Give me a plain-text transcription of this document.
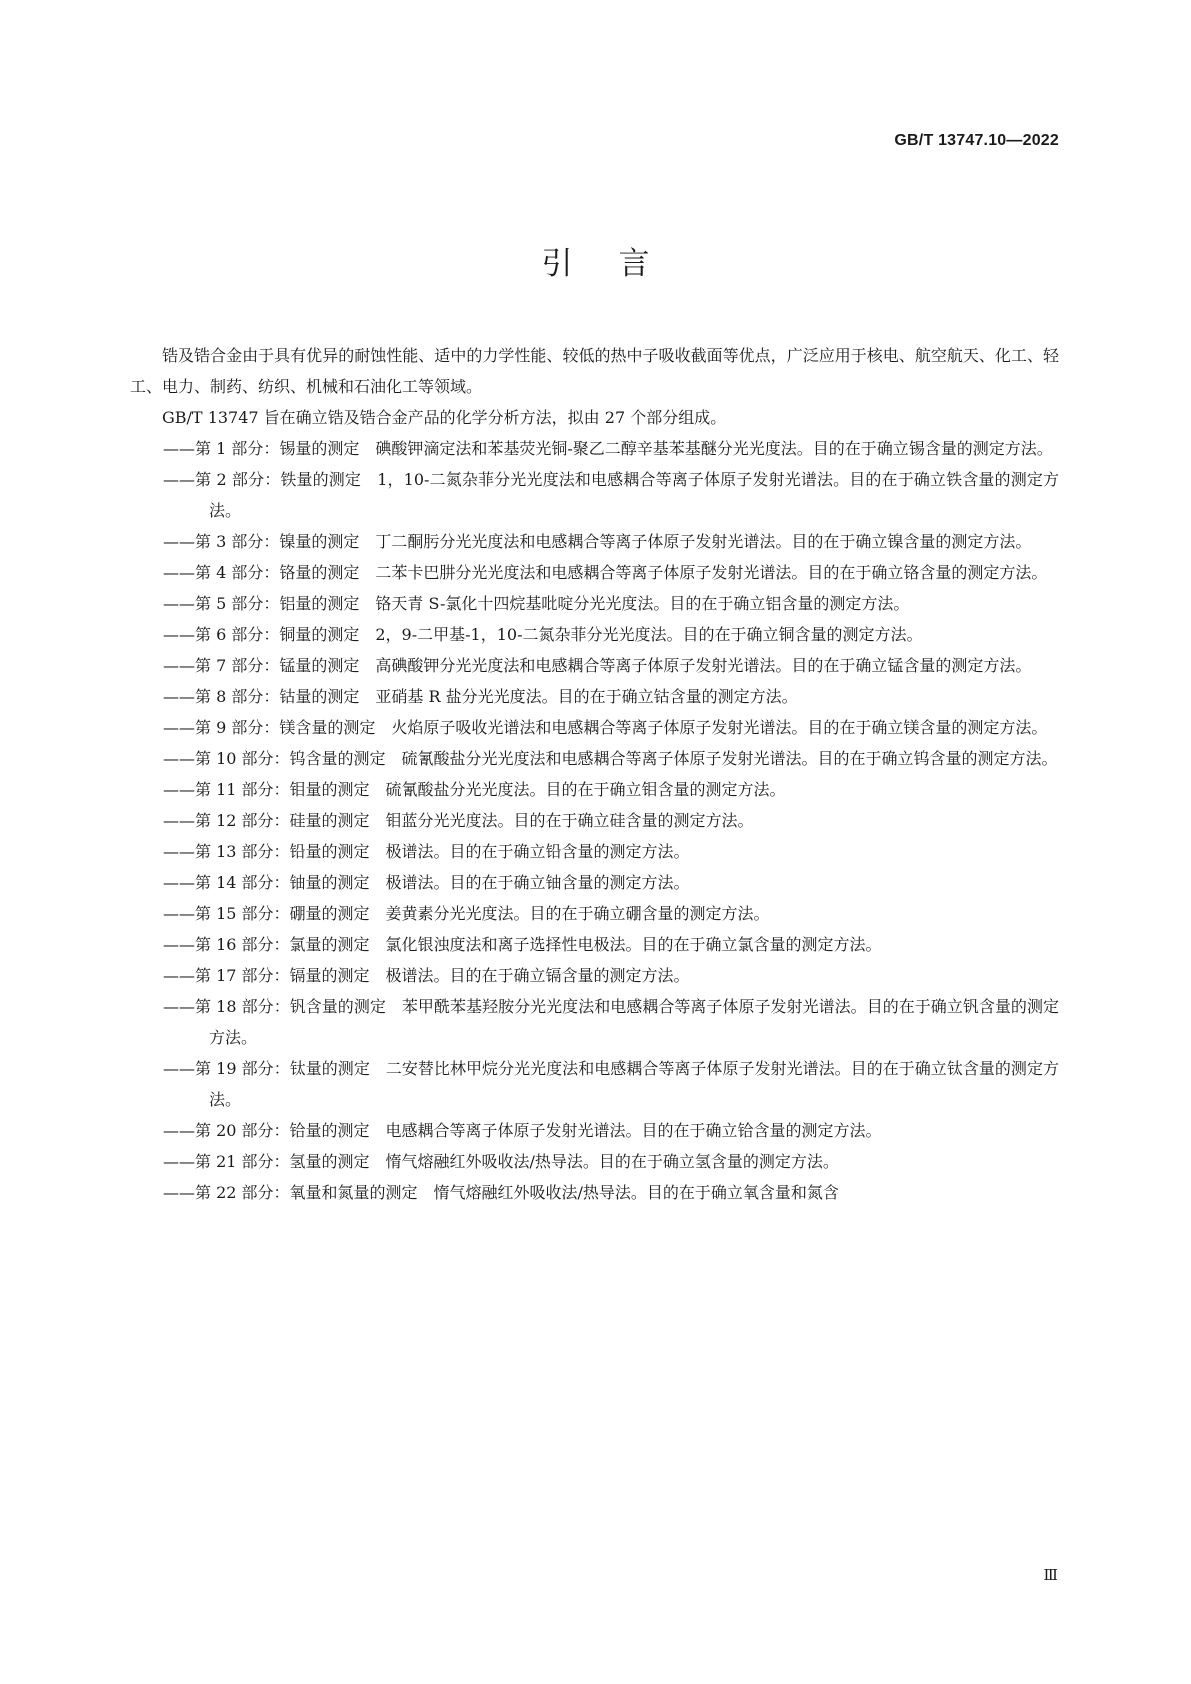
GB/T 13747.10—2022
引言

锆及锆合金由于具有优异的耐蚀性能、适中的力学性能、较低的热中子吸收截面等优点，广泛应用于核电、航空航天、化工、轻工、电力、制药、纺织、机械和石油化工等领域。

GB/T 13747 旨在确立锆及锆合金产品的化学分析方法，拟由 27 个部分组成。

——第 1 部分：锡量的测定　碘酸钾滴定法和苯基荧光铜-聚乙二醇辛基苯基醚分光光度法。目的在于确立锡含量的测定方法。

——第 2 部分：铁量的测定　1，10-二氮杂菲分光光度法和电感耦合等离子体原子发射光谱法。目的在于确立铁含量的测定方法。

——第 3 部分：镍量的测定　丁二酮肟分光光度法和电感耦合等离子体原子发射光谱法。目的在于确立镍含量的测定方法。

——第 4 部分：铬量的测定　二苯卡巴肼分光光度法和电感耦合等离子体原子发射光谱法。目的在于确立铬含量的测定方法。

——第 5 部分：铝量的测定　铬天青 S-氯化十四烷基吡啶分光光度法。目的在于确立铝含量的测定方法。

——第 6 部分：铜量的测定　2，9-二甲基-1，10-二氮杂菲分光光度法。目的在于确立铜含量的测定方法。

——第 7 部分：锰量的测定　高碘酸钾分光光度法和电感耦合等离子体原子发射光谱法。目的在于确立锰含量的测定方法。

——第 8 部分：钴量的测定　亚硝基 R 盐分光光度法。目的在于确立钴含量的测定方法。

——第 9 部分：镁含量的测定　火焰原子吸收光谱法和电感耦合等离子体原子发射光谱法。目的在于确立镁含量的测定方法。

——第 10 部分：钨含量的测定　硫氰酸盐分光光度法和电感耦合等离子体原子发射光谱法。目的在于确立钨含量的测定方法。

——第 11 部分：钼量的测定　硫氰酸盐分光光度法。目的在于确立钼含量的测定方法。

——第 12 部分：硅量的测定　钼蓝分光光度法。目的在于确立硅含量的测定方法。

——第 13 部分：铅量的测定　极谱法。目的在于确立铅含量的测定方法。

——第 14 部分：铀量的测定　极谱法。目的在于确立铀含量的测定方法。

——第 15 部分：硼量的测定　姜黄素分光光度法。目的在于确立硼含量的测定方法。

——第 16 部分：氯量的测定　氯化银浊度法和离子选择性电极法。目的在于确立氯含量的测定方法。

——第 17 部分：镉量的测定　极谱法。目的在于确立镉含量的测定方法。

——第 18 部分：钒含量的测定　苯甲酰苯基羟胺分光光度法和电感耦合等离子体原子发射光谱法。目的在于确立钒含量的测定方法。

——第 19 部分：钛量的测定　二安替比林甲烷分光光度法和电感耦合等离子体原子发射光谱法。目的在于确立钛含量的测定方法。

——第 20 部分：铪量的测定　电感耦合等离子体原子发射光谱法。目的在于确立铪含量的测定方法。

——第 21 部分：氢量的测定　惰气熔融红外吸收法/热导法。目的在于确立氢含量的测定方法。

——第 22 部分：氧量和氮量的测定　惰气熔融红外吸收法/热导法。目的在于确立氧含量和氮含

Ⅲ
